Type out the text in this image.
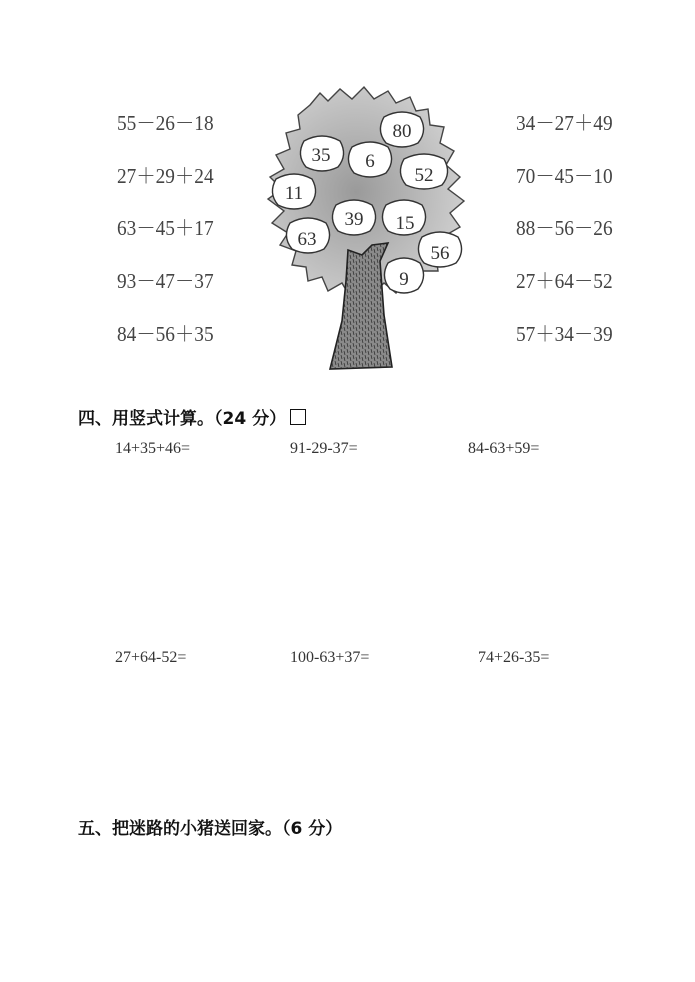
55－26－18
27＋29＋24
63－45＋17
93－47－37
84－56＋35
34－27＋49
70－45－10
88－56－26
27＋64－52
57＋34－39
80
35 6
52
11
39 15
63
56
9
四、用竖式计算。（24 分）
14+35+46=	91-29-37=	84-63+59=
27+64-52=	100-63+37=	74+26-35=
五、把迷路的小猪送回家。（6 分）
